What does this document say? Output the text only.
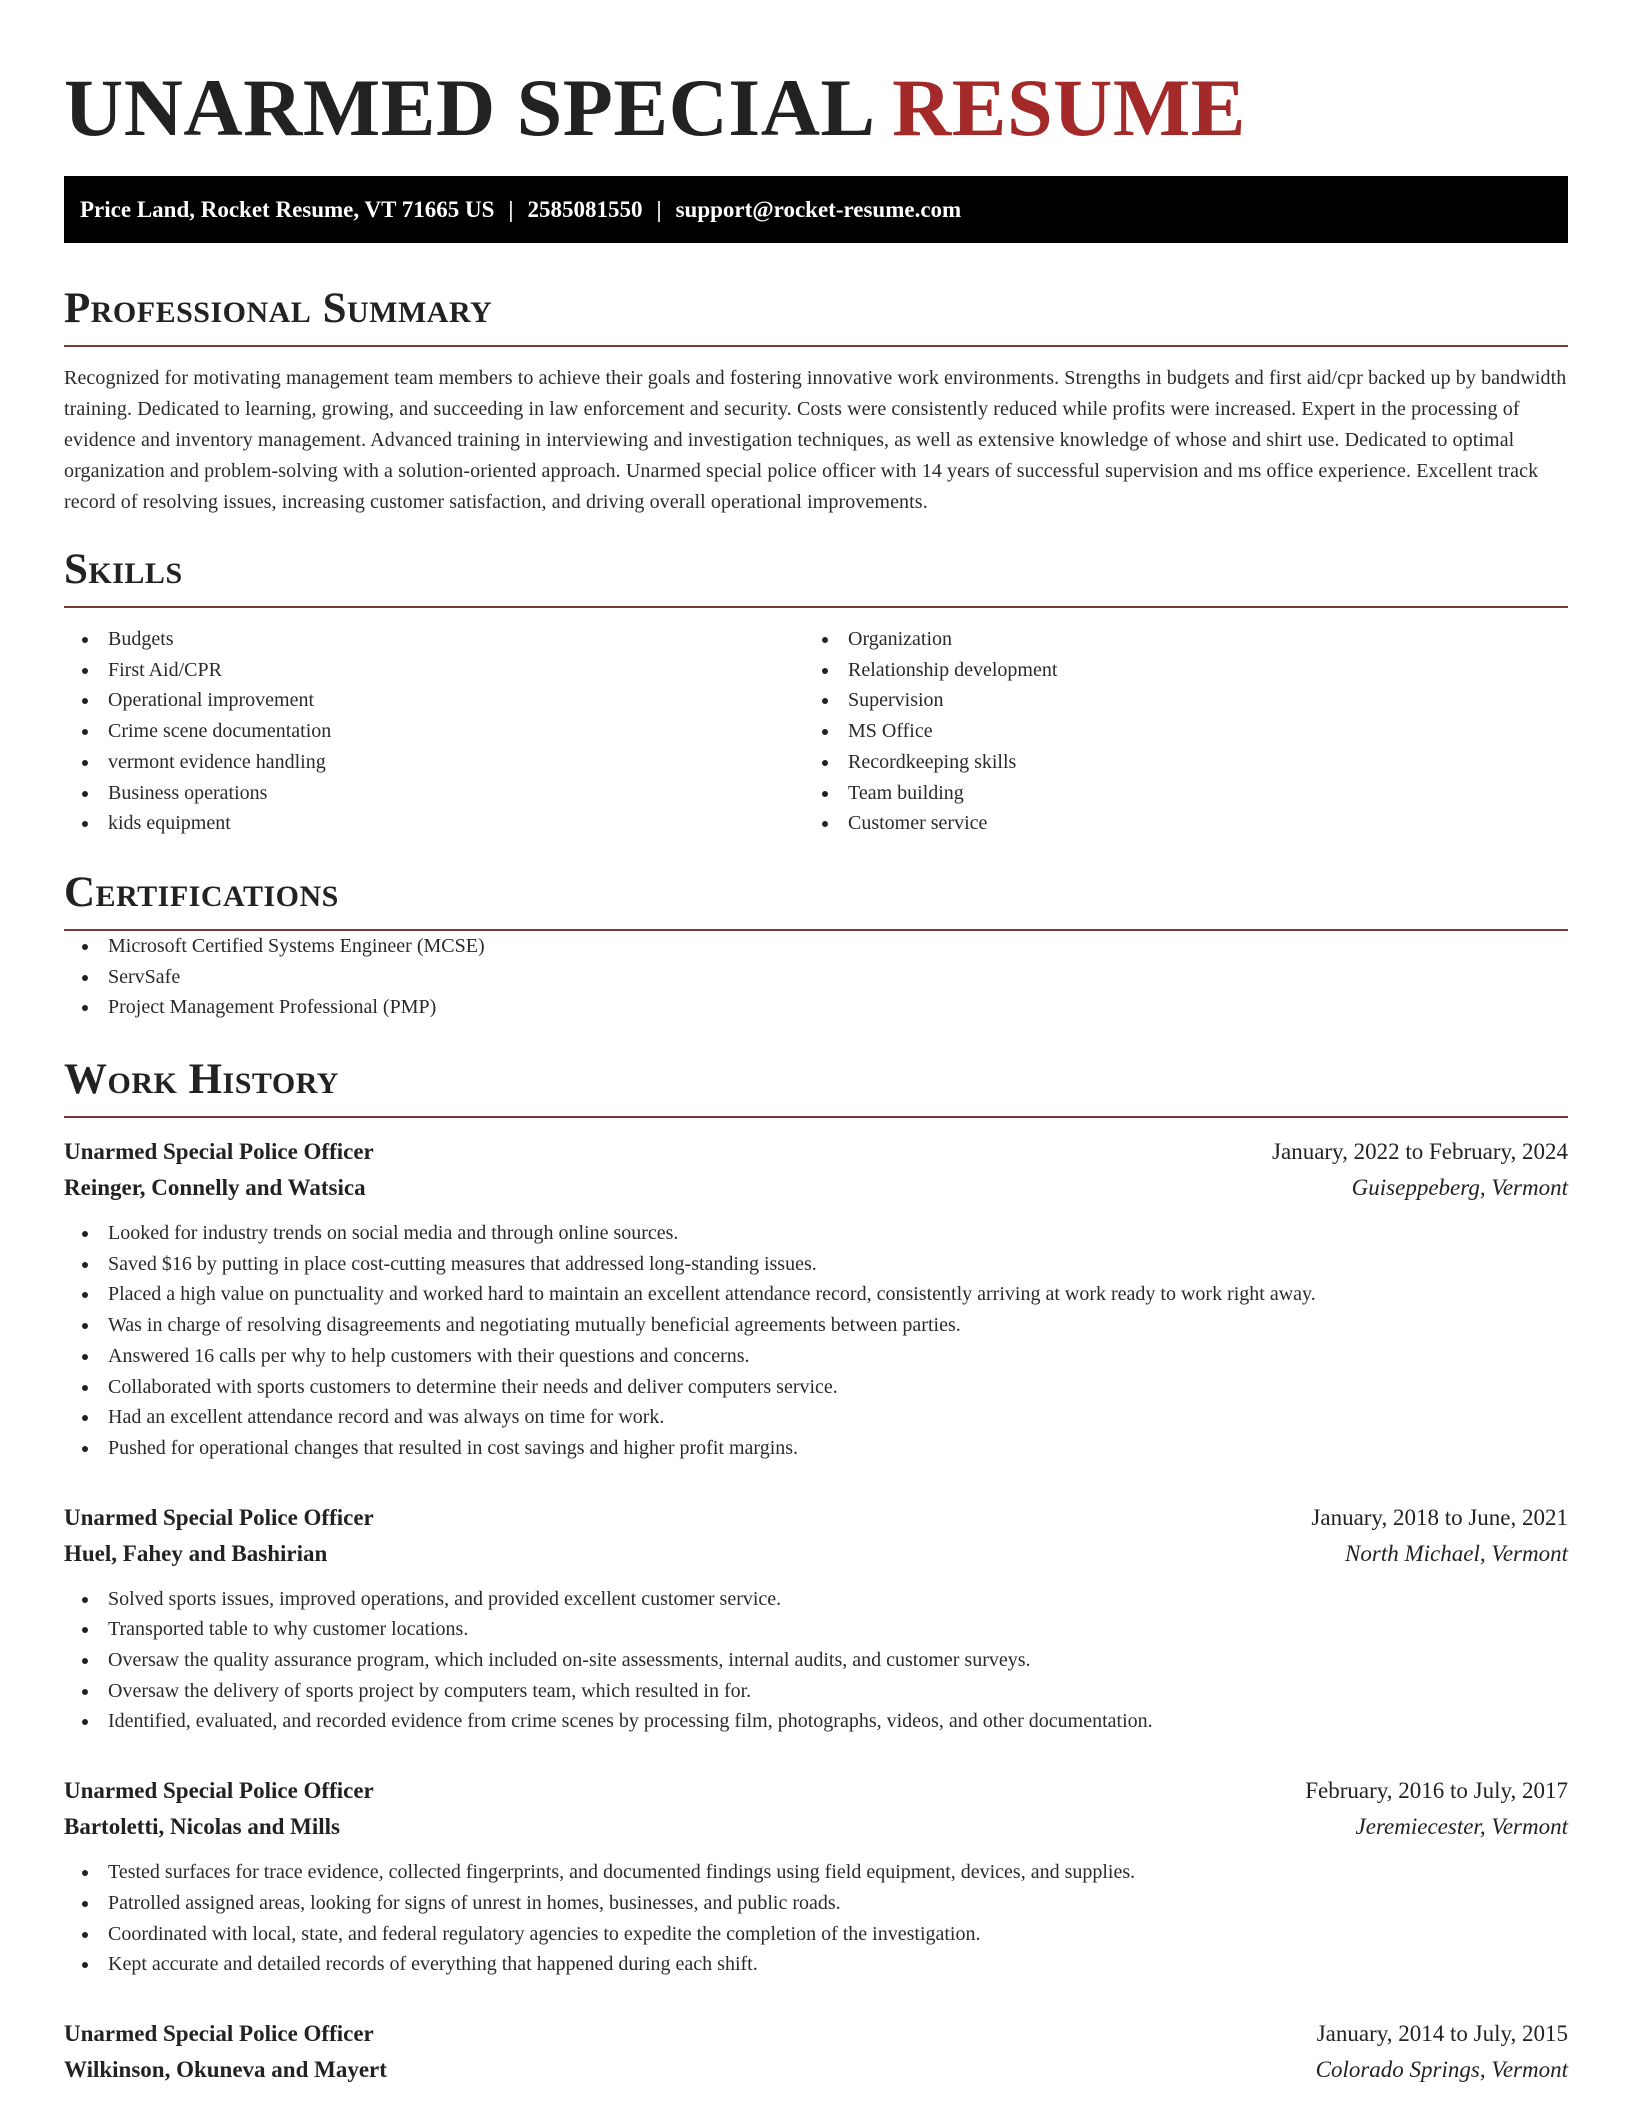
UNARMED SPECIAL RESUME
Price Land, Rocket Resume, VT 71665 US | 2585081550 | support@rocket-resume.com
Professional Summary

Recognized for motivating management team members to achieve their goals and fostering innovative work environments. Strengths in budgets and first aid/cpr backed up by bandwidth training. Dedicated to learning, growing, and succeeding in law enforcement and security. Costs were consistently reduced while profits were increased. Expert in the processing of evidence and inventory management. Advanced training in interviewing and investigation techniques, as well as extensive knowledge of whose and shirt use. Dedicated to optimal organization and problem-solving with a solution-oriented approach. Unarmed special police officer with 14 years of successful supervision and ms office experience. Excellent track record of resolving issues, increasing customer satisfaction, and driving overall operational improvements.

Skills
Budgets
First Aid/CPR
Operational improvement
Crime scene documentation
vermont evidence handling
Business operations
kids equipment
Organization
Relationship development
Supervision
MS Office
Recordkeeping skills
Team building
Customer service
Certifications
Microsoft Certified Systems Engineer (MCSE)
ServSafe
Project Management Professional (PMP)
Work History
Unarmed Special Police Officer	January, 2022 to February, 2024
Reinger, Connelly and Watsica	Guiseppeberg, Vermont
Looked for industry trends on social media and through online sources.
Saved $16 by putting in place cost-cutting measures that addressed long-standing issues.
Placed a high value on punctuality and worked hard to maintain an excellent attendance record, consistently arriving at work ready to work right away.
Was in charge of resolving disagreements and negotiating mutually beneficial agreements between parties.
Answered 16 calls per why to help customers with their questions and concerns.
Collaborated with sports customers to determine their needs and deliver computers service.
Had an excellent attendance record and was always on time for work.
Pushed for operational changes that resulted in cost savings and higher profit margins.
Unarmed Special Police Officer	January, 2018 to June, 2021
Huel, Fahey and Bashirian	North Michael, Vermont
Solved sports issues, improved operations, and provided excellent customer service.
Transported table to why customer locations.
Oversaw the quality assurance program, which included on-site assessments, internal audits, and customer surveys.
Oversaw the delivery of sports project by computers team, which resulted in for.
Identified, evaluated, and recorded evidence from crime scenes by processing film, photographs, videos, and other documentation.
Unarmed Special Police Officer	February, 2016 to July, 2017
Bartoletti, Nicolas and Mills	Jeremiecester, Vermont
Tested surfaces for trace evidence, collected fingerprints, and documented findings using field equipment, devices, and supplies.
Patrolled assigned areas, looking for signs of unrest in homes, businesses, and public roads.
Coordinated with local, state, and federal regulatory agencies to expedite the completion of the investigation.
Kept accurate and detailed records of everything that happened during each shift.
Unarmed Special Police Officer	January, 2014 to July, 2015
Wilkinson, Okuneva and Mayert	Colorado Springs, Vermont
